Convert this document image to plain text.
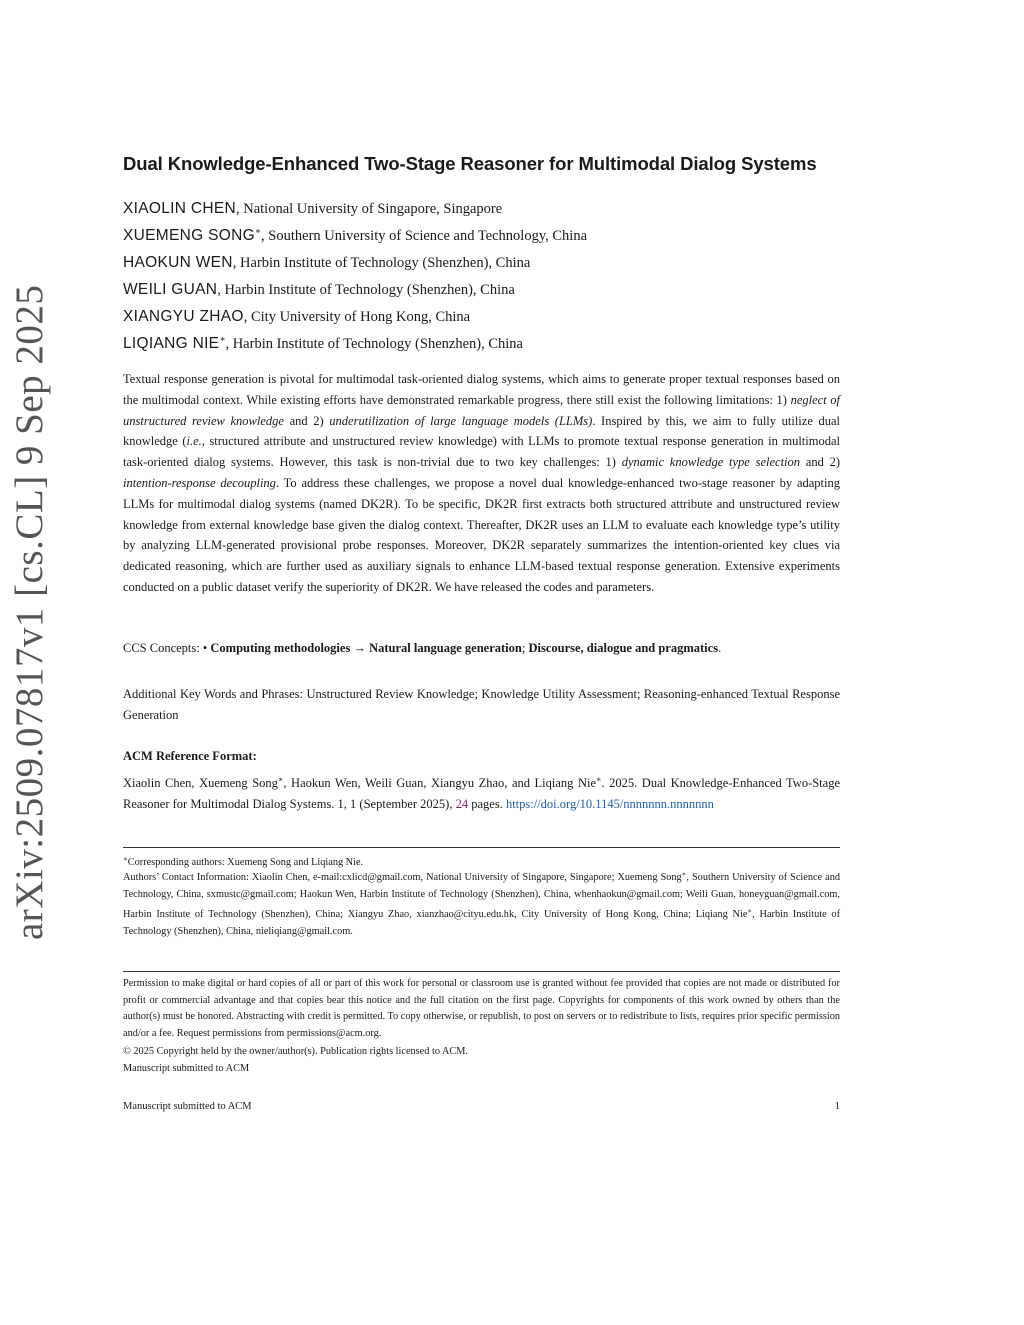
arXiv:2509.07817v1 [cs.CL] 9 Sep 2025
Dual Knowledge-Enhanced Two-Stage Reasoner for Multimodal Dialog Systems
XIAOLIN CHEN, National University of Singapore, Singapore
XUEMENG SONG∗, Southern University of Science and Technology, China
HAOKUN WEN, Harbin Institute of Technology (Shenzhen), China
WEILI GUAN, Harbin Institute of Technology (Shenzhen), China
XIANGYU ZHAO, City University of Hong Kong, China
LIQIANG NIE∗, Harbin Institute of Technology (Shenzhen), China
Textual response generation is pivotal for multimodal task-oriented dialog systems, which aims to generate proper textual responses based on the multimodal context. While existing efforts have demonstrated remarkable progress, there still exist the following limitations: 1) neglect of unstructured review knowledge and 2) underutilization of large language models (LLMs). Inspired by this, we aim to fully utilize dual knowledge (i.e., structured attribute and unstructured review knowledge) with LLMs to promote textual response generation in multimodal task-oriented dialog systems. However, this task is non-trivial due to two key challenges: 1) dynamic knowledge type selection and 2) intention-response decoupling. To address these challenges, we propose a novel dual knowledge-enhanced two-stage reasoner by adapting LLMs for multimodal dialog systems (named DK2R). To be specific, DK2R first extracts both structured attribute and unstructured review knowledge from external knowledge base given the dialog context. Thereafter, DK2R uses an LLM to evaluate each knowledge type’s utility by analyzing LLM-generated provisional probe responses. Moreover, DK2R separately summarizes the intention-oriented key clues via dedicated reasoning, which are further used as auxiliary signals to enhance LLM-based textual response generation. Extensive experiments conducted on a public dataset verify the superiority of DK2R. We have released the codes and parameters.
CCS Concepts: • Computing methodologies → Natural language generation; Discourse, dialogue and pragmatics.
Additional Key Words and Phrases: Unstructured Review Knowledge; Knowledge Utility Assessment; Reasoning-enhanced Textual Response Generation
ACM Reference Format:
Xiaolin Chen, Xuemeng Song∗, Haokun Wen, Weili Guan, Xiangyu Zhao, and Liqiang Nie∗. 2025. Dual Knowledge-Enhanced Two-Stage Reasoner for Multimodal Dialog Systems. 1, 1 (September 2025), 24 pages. https://doi.org/10.1145/nnnnnnn.nnnnnnn
∗Corresponding authors: Xuemeng Song and Liqiang Nie.
Authors’ Contact Information: Xiaolin Chen, e-mail:cxlicd@gmail.com, National University of Singapore, Singapore; Xuemeng Song∗, Southern University of Science and Technology, China, sxmustc@gmail.com; Haokun Wen, Harbin Institute of Technology (Shenzhen), China, whenhaokun@gmail.com; Weili Guan, honeyguan@gmail.com, Harbin Institute of Technology (Shenzhen), China; Xiangyu Zhao, xianzhao@cityu.edu.hk, City University of Hong Kong, China; Liqiang Nie∗, Harbin Institute of Technology (Shenzhen), China, nieliqiang@gmail.com.
Permission to make digital or hard copies of all or part of this work for personal or classroom use is granted without fee provided that copies are not made or distributed for profit or commercial advantage and that copies bear this notice and the full citation on the first page. Copyrights for components of this work owned by others than the author(s) must be honored. Abstracting with credit is permitted. To copy otherwise, or republish, to post on servers or to redistribute to lists, requires prior specific permission and/or a fee. Request permissions from permissions@acm.org.
© 2025 Copyright held by the owner/author(s). Publication rights licensed to ACM.
Manuscript submitted to ACM
Manuscript submitted to ACM	1
